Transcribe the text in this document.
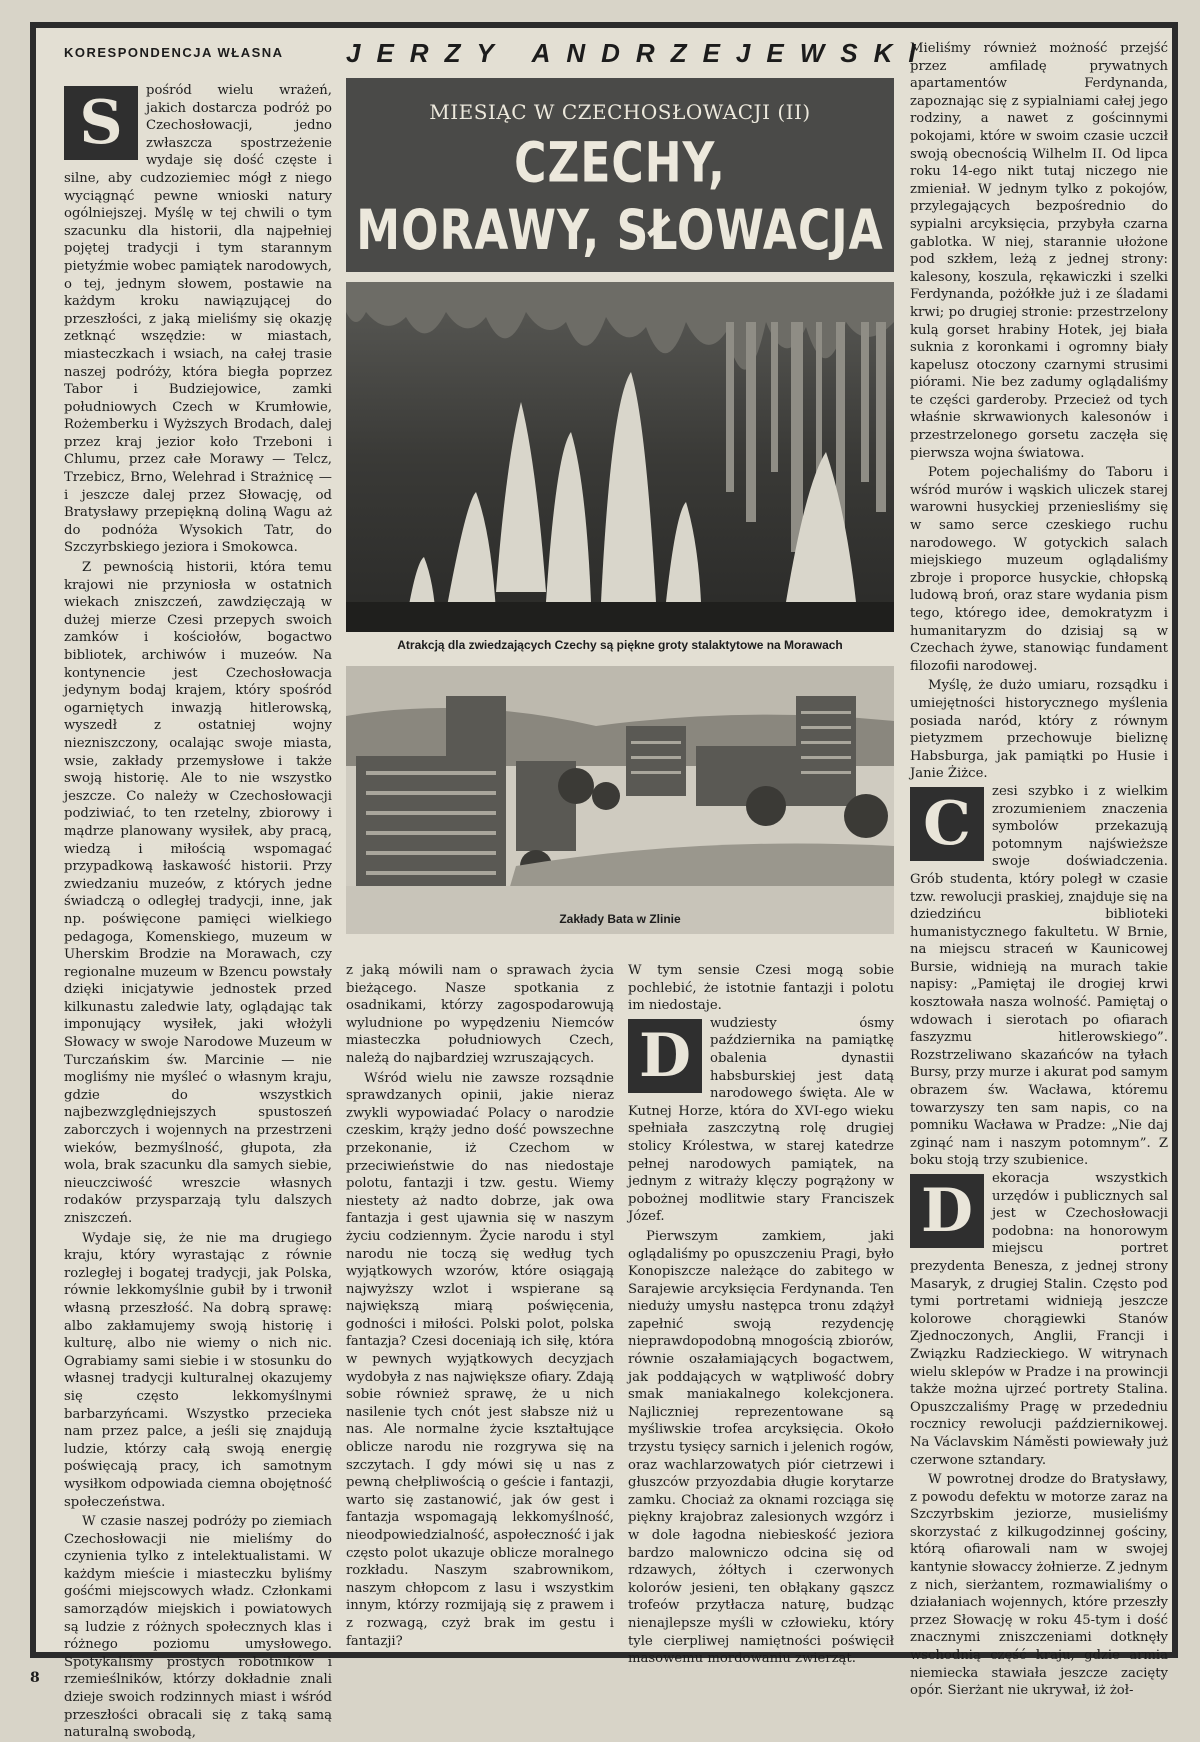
KORESPONDENCJA WŁASNA JERZY ANDRZEJEWSKI
S	pośród wielu wrażeń, jakich dostarcza podróż po Czechosłowacji, jedno zwłaszcza spostrzeżenie wydaje się dość częste i silne, aby cudzoziemiec mógł z niego wyciągnąć pewne wnioski natury ogólniejszej. Myślę w tej chwili o tym szacunku dla historii, dla najpełniej pojętej tradycji i tym starannym pietyźmie wobec pamiątek narodowych, o tej, jednym słowem, postawie na każdym kroku nawiązującej do przeszłości, z jaką mieliśmy się okazję zetknąć wszędzie: w miastach, miasteczkach i wsiach, na całej trasie naszej podróży, która biegła poprzez Tabor i Budziejowice, zamki południowych Czech w Krumłowie, Rożemberku i Wyższych Brodach, dalej przez kraj jezior koło Trzeboni i Chlumu, przez całe Morawy — Telcz, Trzebicz, Brno, Welehrad i Strażnicę — i jeszcze dalej przez Słowację, od Bratysławy przepiękną doliną Wagu aż do podnóża Wysokich Tatr, do Szczyrbskiego jeziora i Smokowca.

Z pewnością historii, która temu krajowi nie przyniosła w ostatnich wiekach zniszczeń, zawdzięczają w dużej mierze Czesi przepych swoich zamków i kościołów, bogactwo bibliotek, archiwów i muzeów. Na kontynencie jest Czechosłowacja jedynym bodaj krajem, który spośród ogarniętych inwazją hitlerowską, wyszedł z ostatniej wojny niezniszczony, ocalając swoje miasta, wsie, zakłady przemysłowe i także swoją historię. Ale to nie wszystko jeszcze. Co należy w Czechosłowacji podziwiać, to ten rzetelny, zbiorowy i mądrze planowany wysiłek, aby pracą, wiedzą i miłością wspomagać przypadkową łaskawość historii. Przy zwiedzaniu muzeów, z których jedne świadczą o odległej tradycji, inne, jak np. poświęcone pamięci wielkiego pedagoga, Komenskiego, muzeum w Uherskim Brodzie na Morawach, czy regionalne muzeum w Bzencu powstały dzięki inicjatywie jednostek przed kilkunastu zaledwie laty, oglądając tak imponujący wysiłek, jaki włożyli Słowacy w swoje Narodowe Muzeum w Turczańskim św. Marcinie — nie mogliśmy nie myśleć o własnym kraju, gdzie do wszystkich najbezwzględniejszych spustoszeń zaborczych i wojennych na przestrzeni wieków, bezmyślność, głupota, zła wola, brak szacunku dla samych siebie, nieuczciwość wreszcie własnych rodaków przysparzają tylu dalszych zniszczeń.

Wydaje się, że nie ma drugiego kraju, który wyrastając z równie rozległej i bogatej tradycji, jak Polska, równie lekkomyślnie gubił by i trwonił własną przeszłość. Na dobrą sprawę: albo zakłamujemy swoją historię i kulturę, albo nie wiemy o nich nic. Ograbiamy sami siebie i w stosunku do własnej tradycji kulturalnej okazujemy się często lekkomyślnymi barbarzyńcami. Wszystko przecieka nam przez palce, a jeśli się znajdują ludzie, którzy całą swoją energię poświęcają pracy, ich samotnym wysiłkom odpowiada ciemna obojętność społeczeństwa.

W czasie naszej podróży po ziemiach Czechosłowacji nie mieliśmy do czynienia tylko z intelektualistami. W każdym mieście i miasteczku byliśmy gośćmi miejscowych władz. Członkami samorządów miejskich i powiatowych są ludzie z różnych społecznych klas i różnego poziomu umysłowego. Spotykaliśmy prostych robotników i rzemieślników, którzy dokładnie znali dzieje swoich rodzinnych miast i wśród przeszłości obracali się z taką samą naturalną swobodą,

MIESIĄC W CZECHOSŁOWACJI (II)
CZECHY,
MORAWY, SŁOWACJA
Atrakcją dla zwiedzających Czechy są piękne groty stalaktytowe na Morawach
Zakłady Bata w Zlinie

z jaką mówili nam o sprawach życia bieżącego. Nasze spotkania z osadnikami, którzy zagospodarowują wyludnione po wypędzeniu Niemców miasteczka południowych Czech, należą do najbardziej wzruszających.

Wśród wielu nie zawsze rozsądnie sprawdzanych opinii, jakie nieraz zwykli wypowiadać Polacy o narodzie czeskim, krąży jedno dość powszechne przekonanie, iż Czechom w przeciwieństwie do nas niedostaje polotu, fantazji i tzw. gestu. Wiemy niestety aż nadto dobrze, jak owa fantazja i gest ujawnia się w naszym życiu codziennym. Życie narodu i styl narodu nie toczą się według tych wyjątkowych wzorów, które osiągają najwyższy wzlot i wspierane są największą miarą poświęcenia, godności i miłości. Polski polot, polska fantazja? Czesi doceniają ich siłę, która w pewnych wyjątkowych decyzjach wydobyła z nas największe ofiary. Zdają sobie również sprawę, że u nich nasilenie tych cnót jest słabsze niż u nas. Ale normalne życie kształtujące oblicze narodu nie rozgrywa się na szczytach. I gdy mówi się u nas z pewną chełpliwością o geście i fantazji, warto się zastanowić, jak ów gest i fantazja wspomagają lekkomyślność, nieodpowiedzialność, aspołeczność i jak często polot ukazuje oblicze moralnego rozkładu. Naszym szabrownikom, naszym chłopcom z lasu i wszystkim innym, którzy rozmijają się z prawem i z rozwagą, czyż brak im gestu i fantazji?

W tym sensie Czesi mogą sobie pochlebić, że istotnie fantazji i polotu im niedostaje.

D	wudziesty ósmy października na pamiątkę obalenia dynastii habsburskiej jest datą narodowego święta. Ale w Kutnej Horze, która do XVI-ego wieku spełniała zaszczytną rolę drugiej stolicy Królestwa, w starej katedrze pełnej narodowych pamiątek, na jednym z witraży klęczy pogrążony w pobożnej modlitwie stary Franciszek Józef.

Pierwszym zamkiem, jaki oglądaliśmy po opuszczeniu Pragi, było Konopiszcze należące do zabitego w Sarajewie arcyksięcia Ferdynanda. Ten nieduży umysłu następca tronu zdążył zapełnić swoją rezydencję nieprawdopodobną mnogością zbiorów, równie oszałamiających bogactwem, jak poddających w wątpliwość dobry smak maniakalnego kolekcjonera. Najliczniej reprezentowane są myśliwskie trofea arcyksięcia. Około trzystu tysięcy sarnich i jelenich rogów, oraz wachlarzowatych piór cietrzewi i głuszców przyozdabia długie korytarze zamku. Chociaż za oknami rozciąga się piękny krajobraz zalesionych wzgórz i w dole łagodna niebieskość jeziora bardzo malowniczo odcina się od rdzawych, żółtych i czerwonych kolorów jesieni, ten obłąkany gąszcz trofeów przytłacza naturę, budząc nienajlepsze myśli w człowieku, który tyle cierpliwej namiętności poświęcił masowemu mordowaniu zwierząt.

Mieliśmy również możność przejść przez amfiladę prywatnych apartamentów Ferdynanda, zapoznając się z sypialniami całej jego rodziny, a nawet z gościnnymi pokojami, które w swoim czasie uczcił swoją obecnością Wilhelm II. Od lipca roku 14-ego nikt tutaj niczego nie zmieniał. W jednym tylko z pokojów, przylegających bezpośrednio do sypialni arcyksięcia, przybyła czarna gablotka. W niej, starannie ułożone pod szkłem, leżą z jednej strony: kalesony, koszula, rękawiczki i szelki Ferdynanda, pożółkłe już i ze śladami krwi; po drugiej stronie: przestrzelony kulą gorset hrabiny Hotek, jej biała suknia z koronkami i ogromny biały kapelusz otoczony czarnymi strusimi piórami. Nie bez zadumy oglądaliśmy te części garderoby. Przecież od tych właśnie skrwawionych kalesonów i przestrzelonego gorsetu zaczęła się pierwsza wojna światowa.

Potem pojechaliśmy do Taboru i wśród murów i wąskich uliczek starej warowni husyckiej przeniesliśmy się w samo serce czeskiego ruchu narodowego. W gotyckich salach miejskiego muzeum oglądaliśmy zbroje i proporce husyckie, chłopską ludową broń, oraz stare wydania pism tego, którego idee, demokratyzm i humanitaryzm do dzisiaj są w Czechach żywe, stanowiąc fundament filozofii narodowej.

Myślę, że dużo umiaru, rozsądku i umiejętności historycznego myślenia posiada naród, który z równym pietyzmem przechowuje bieliznę Habsburga, jak pamiątki po Husie i Janie Żiżce.

C	zesi szybko i z wielkim zrozumieniem znaczenia symbolów przekazują potomnym najświeższe swoje doświadczenia. Grób studenta, który poległ w czasie tzw. rewolucji praskiej, znajduje się na dziedzińcu biblioteki humanistycznego fakultetu. W Brnie, na miejscu straceń w Kaunicowej Bursie, widnieją na murach takie napisy: „Pamiętaj ile drogiej krwi kosztowała nasza wolność. Pamiętaj o wdowach i sierotach po ofiarach faszyzmu hitlerowskiego”. Rozstrzeliwano skazańców na tyłach Bursy, przy murze i akurat pod samym obrazem św. Wacława, któremu towarzyszy ten sam napis, co na pomniku Wacława w Pradze: „Nie daj zginąć nam i naszym potomnym”. Z boku stoją trzy szubienice.

D	ekoracja wszystkich urzędów i publicznych sal jest w Czechosłowacji podobna: na honorowym miejscu portret prezydenta Benesza, z jednej strony Masaryk, z drugiej Stalin. Często pod tymi portretami widnieją jeszcze kolorowe chorągiewki Stanów Zjednoczonych, Anglii, Francji i Związku Radzieckiego. W witrynach wielu sklepów w Pradze i na prowincji także można ujrzeć portrety Stalina. Opuszczaliśmy Pragę w przededniu rocznicy rewolucji październikowej. Na Václavskim Náměsti powiewały już czerwone sztandary.

W powrotnej drodze do Bratysławy, z powodu defektu w motorze zaraz na Szczyrbskim jeziorze, musieliśmy skorzystać z kilkugodzinnej gościny, którą ofiarowali nam w swojej kantynie słowaccy żołnierze. Z jednym z nich, sierżantem, rozmawialiśmy o działaniach wojennych, które przeszły przez Słowację w roku 45-tym i dość znacznymi zniszczeniami dotknęły wschodnią część kraju, gdzie armia niemiecka stawiała jeszcze zacięty opór. Sierżant nie ukrywał, iż żoł-

8
